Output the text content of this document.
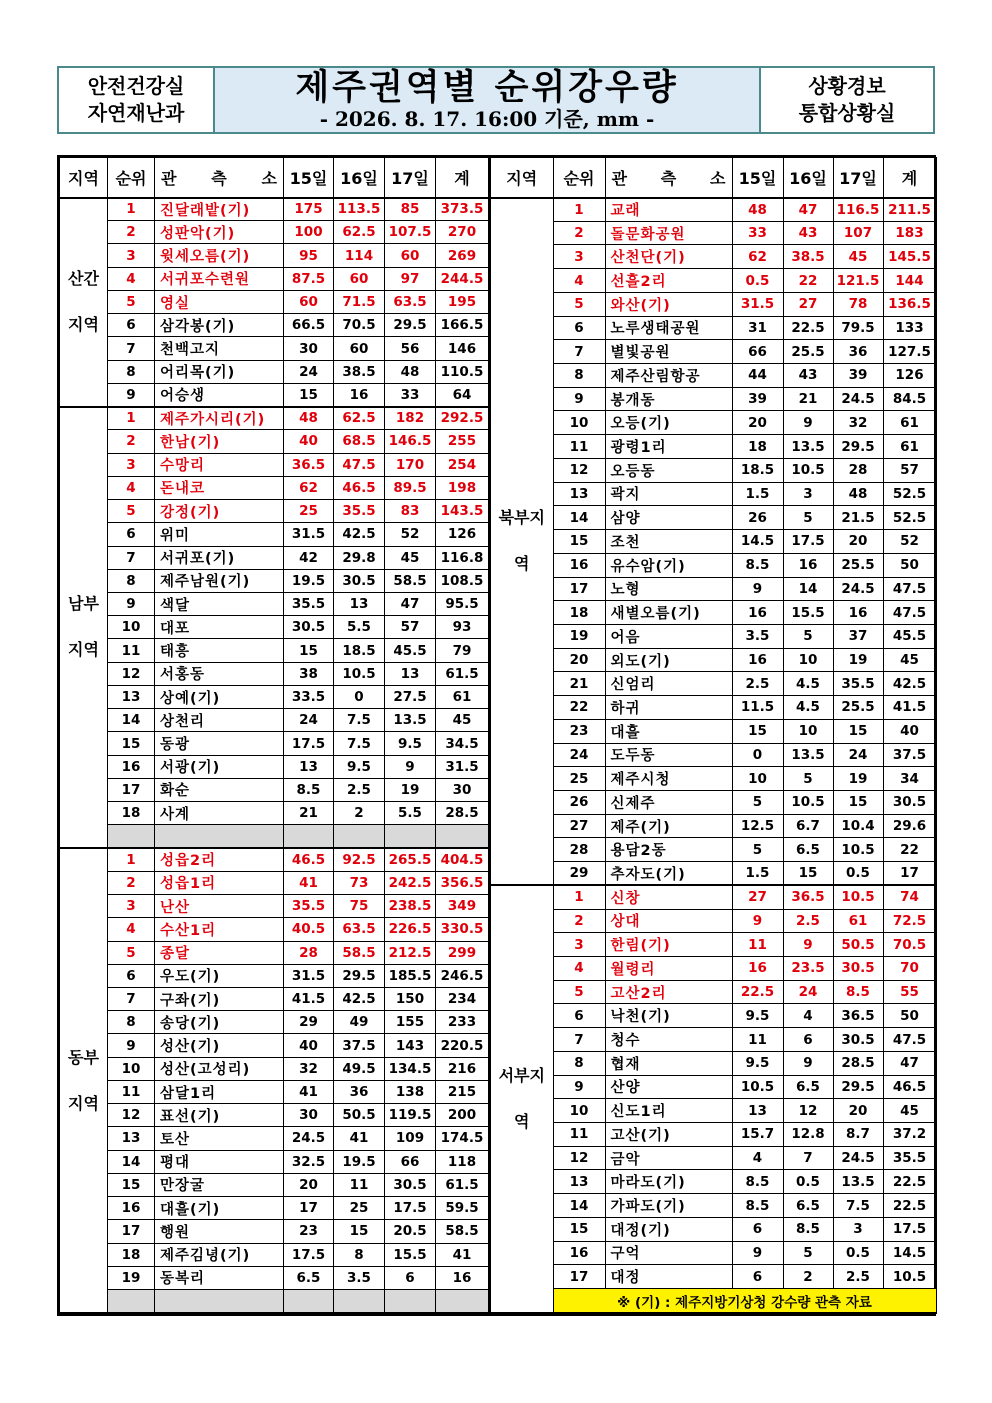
안전건강실
자연재난과
제주권역별 순위강우량
- 2026. 8. 17. 16:00 기준, mm -
상황경보
통합상황실
지역	순위	관 측 소	15일	16일	17일	계
산간지역	1	진달래밭(기)	175	113.5	85	373.5
	2	성판악(기)	100	62.5	107.5	270
	3	윗세오름(기)	95	114	60	269
	4	서귀포수련원	87.5	60	97	244.5
	5	영실	60	71.5	63.5	195
	6	삼각봉(기)	66.5	70.5	29.5	166.5
	7	천백고지	30	60	56	146
	8	어리목(기)	24	38.5	48	110.5
	9	어승생	15	16	33	64
남부지역	1	제주가시리(기)	48	62.5	182	292.5
	2	한남(기)	40	68.5	146.5	255
	3	수망리	36.5	47.5	170	254
	4	돈내코	62	46.5	89.5	198
	5	강정(기)	25	35.5	83	143.5
	6	위미	31.5	42.5	52	126
	7	서귀포(기)	42	29.8	45	116.8
	8	제주남원(기)	19.5	30.5	58.5	108.5
	9	색달	35.5	13	47	95.5
	10	대포	30.5	5.5	57	93
	11	태흥	15	18.5	45.5	79
	12	서홍동	38	10.5	13	61.5
	13	상예(기)	33.5	0	27.5	61
	14	상천리	24	7.5	13.5	45
	15	동광	17.5	7.5	9.5	34.5
	16	서광(기)	13	9.5	9	31.5
	17	화순	8.5	2.5	19	30
	18	사계	21	2	5.5	28.5

동부지역	1	성읍2리	46.5	92.5	265.5	404.5
	2	성읍1리	41	73	242.5	356.5
	3	난산	35.5	75	238.5	349
	4	수산1리	40.5	63.5	226.5	330.5
	5	종달	28	58.5	212.5	299
	6	우도(기)	31.5	29.5	185.5	246.5
	7	구좌(기)	41.5	42.5	150	234
	8	송당(기)	29	49	155	233
	9	성산(기)	40	37.5	143	220.5
	10	성산(고성리)	32	49.5	134.5	216
	11	삼달1리	41	36	138	215
	12	표선(기)	30	50.5	119.5	200
	13	토산	24.5	41	109	174.5
	14	평대	32.5	19.5	66	118
	15	만장굴	20	11	30.5	61.5
	16	대흘(기)	17	25	17.5	59.5
	17	행원	23	15	20.5	58.5
	18	제주김녕(기)	17.5	8	15.5	41
	19	동복리	6.5	3.5	6	16

지역	순위	관 측 소	15일	16일	17일	계
북부지역	1	교래	48	47	116.5	211.5
	2	돌문화공원	33	43	107	183
	3	산천단(기)	62	38.5	45	145.5
	4	선흘2리	0.5	22	121.5	144
	5	와산(기)	31.5	27	78	136.5
	6	노루생태공원	31	22.5	79.5	133
	7	별빛공원	66	25.5	36	127.5
	8	제주산림항공	44	43	39	126
	9	봉개동	39	21	24.5	84.5
	10	오등(기)	20	9	32	61
	11	광령1리	18	13.5	29.5	61
	12	오등동	18.5	10.5	28	57
	13	곽지	1.5	3	48	52.5
	14	삼양	26	5	21.5	52.5
	15	조천	14.5	17.5	20	52
	16	유수암(기)	8.5	16	25.5	50
	17	노형	9	14	24.5	47.5
	18	새별오름(기)	16	15.5	16	47.5
	19	어음	3.5	5	37	45.5
	20	외도(기)	16	10	19	45
	21	신엄리	2.5	4.5	35.5	42.5
	22	하귀	11.5	4.5	25.5	41.5
	23	대흘	15	10	15	40
	24	도두동	0	13.5	24	37.5
	25	제주시청	10	5	19	34
	26	신제주	5	10.5	15	30.5
	27	제주(기)	12.5	6.7	10.4	29.6
	28	용담2동	5	6.5	10.5	22
	29	추자도(기)	1.5	15	0.5	17
서부지역	1	신창	27	36.5	10.5	74
	2	상대	9	2.5	61	72.5
	3	한림(기)	11	9	50.5	70.5
	4	월령리	16	23.5	30.5	70
	5	고산2리	22.5	24	8.5	55
	6	낙천(기)	9.5	4	36.5	50
	7	청수	11	6	30.5	47.5
	8	협재	9.5	9	28.5	47
	9	산양	10.5	6.5	29.5	46.5
	10	신도1리	13	12	20	45
	11	고산(기)	15.7	12.8	8.7	37.2
	12	금악	4	7	24.5	35.5
	13	마라도(기)	8.5	0.5	13.5	22.5
	14	가파도(기)	8.5	6.5	7.5	22.5
	15	대정(기)	6	8.5	3	17.5
	16	구억	9	5	0.5	14.5
	17	대정	6	2	2.5	10.5
	※ (기) : 제주지방기상청 강수량 관측 자료					
